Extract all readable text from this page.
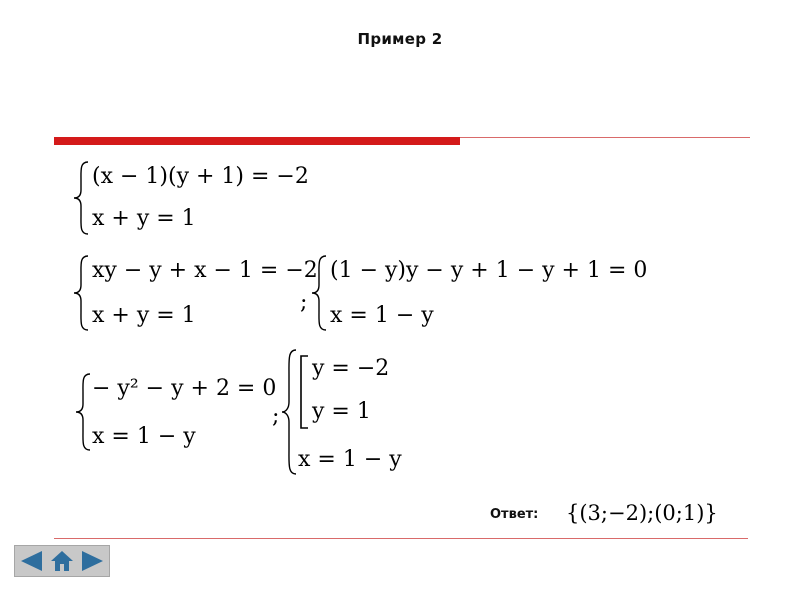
Пример 2
(x − 1)(y + 1) = −2
x + y = 1
xy − y + x − 1 = −2
x + y = 1
;
(1 − y)y − y + 1 − y + 1 = 0
x = 1 − y
− y² − y + 2 = 0
x = 1 − y
;
y = −2
y = 1
x = 1 − y
Ответ: {(3;−2);(0;1)}
